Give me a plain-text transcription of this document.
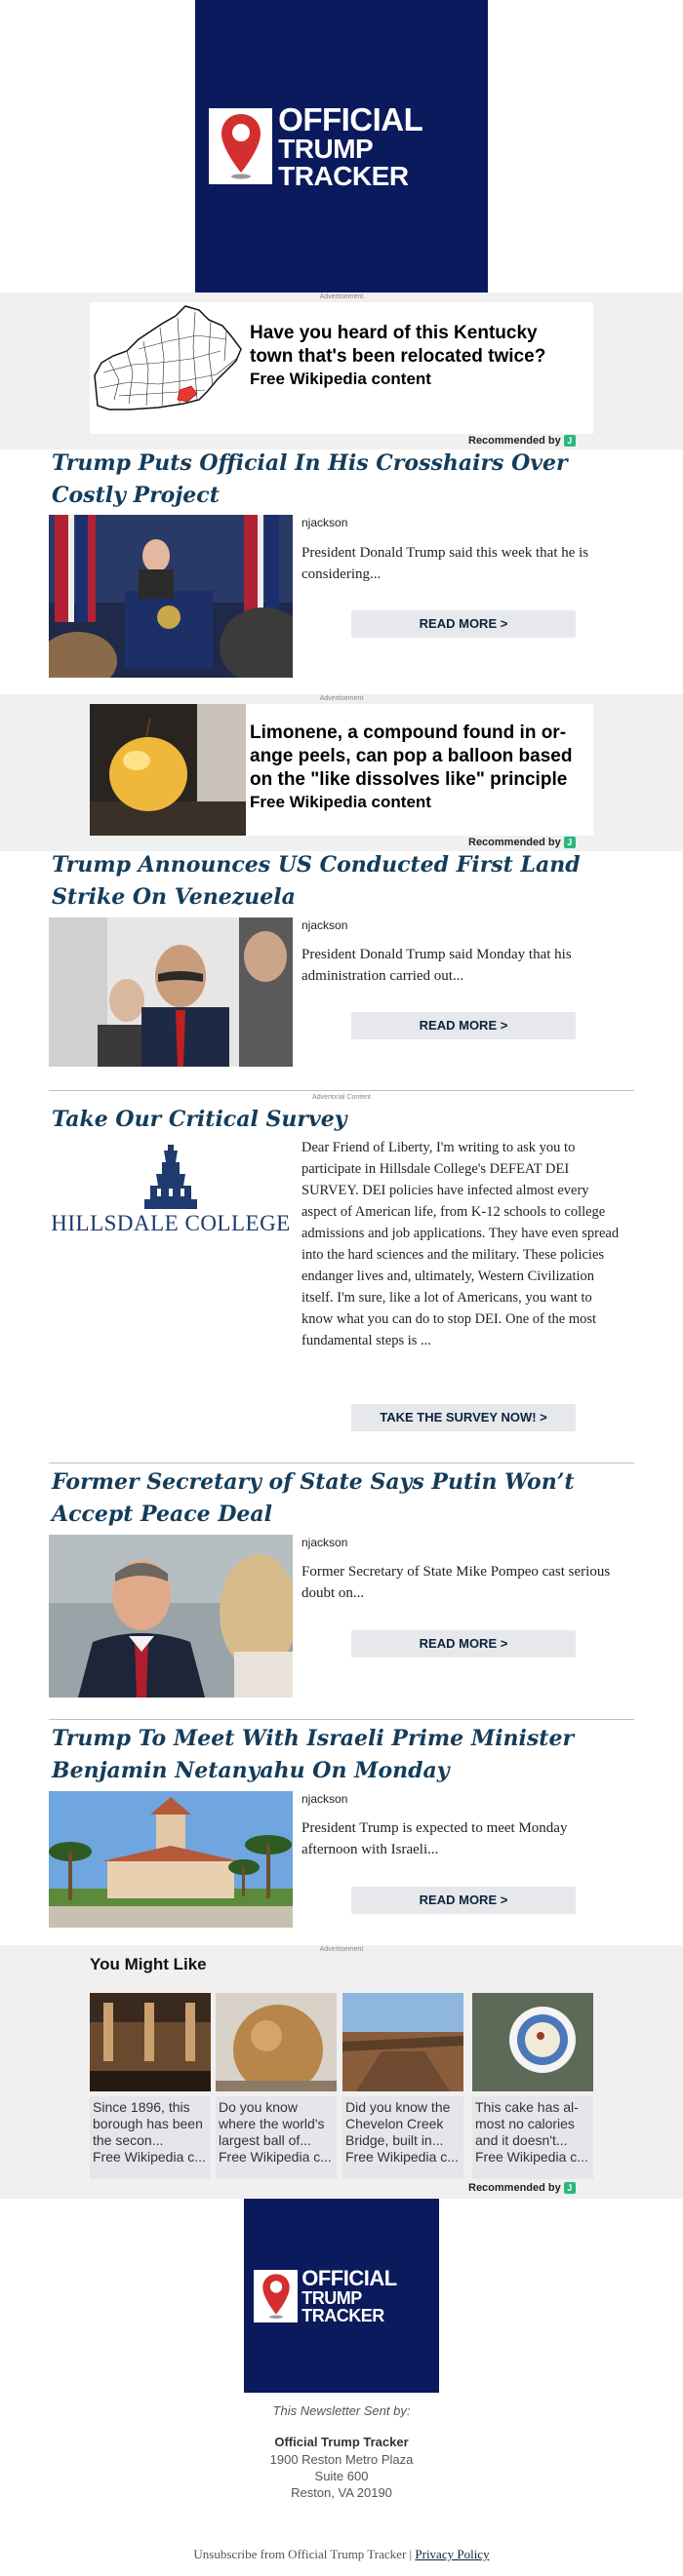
OFFICIAL
TRUMP TRACKER
Advertisement
Have you heard of this Kentucky town that's been relocated twice?
Free Wikipedia content
Recommended by J
Trump Puts Official In His Crosshairs Over Costly Project
njackson
President Donald Trump said this week that he is considering...
READ MORE >
Advertisement
Limonene, a compound found in or-ange peels, can pop a balloon based on the "like dissolves like" principle
Free Wikipedia content
Recommended by J
Trump Announces US Conducted First Land Strike On Venezuela
njackson
President Donald Trump said Monday that his administration carried out...
READ MORE >
Advertorial Content
Take Our Critical Survey
HILLSDALE COLLEGE
Dear Friend of Liberty, I'm writing to ask you to participate in Hillsdale College's DEFEAT DEI SURVEY. DEI policies have infected almost every aspect of American life, from K-12 schools to college admissions and job applications. They have even spread into the hard sciences and the military. These policies endanger lives and, ultimately, Western Civilization itself. I'm sure, like a lot of Americans, you want to know what you can do to stop DEI. One of the most fundamental steps is ...
TAKE THE SURVEY NOW! >
Former Secretary of State Says Putin Won’t Accept Peace Deal
njackson
Former Secretary of State Mike Pompeo cast serious doubt on...
READ MORE >
Trump To Meet With Israeli Prime Minister Benjamin Netanyahu On Monday
njackson
President Trump is expected to meet Monday afternoon with Israeli...
READ MORE >
Advertisement
You Might Like
Since 1896, this borough has been the secon...
Free Wikipedia c...
Do you know where the world's largest ball of...
Free Wikipedia c...
Did you know the Chevelon Creek Bridge, built in...
Free Wikipedia c...
This cake has al-most no calories and it doesn't...
Free Wikipedia c...
Recommended by J
OFFICIAL
TRUMP TRACKER
This Newsletter Sent by:
Official Trump Tracker
1900 Reston Metro Plaza
Suite 600
Reston, VA 20190
Unsubscribe from Official Trump Tracker | Privacy Policy
